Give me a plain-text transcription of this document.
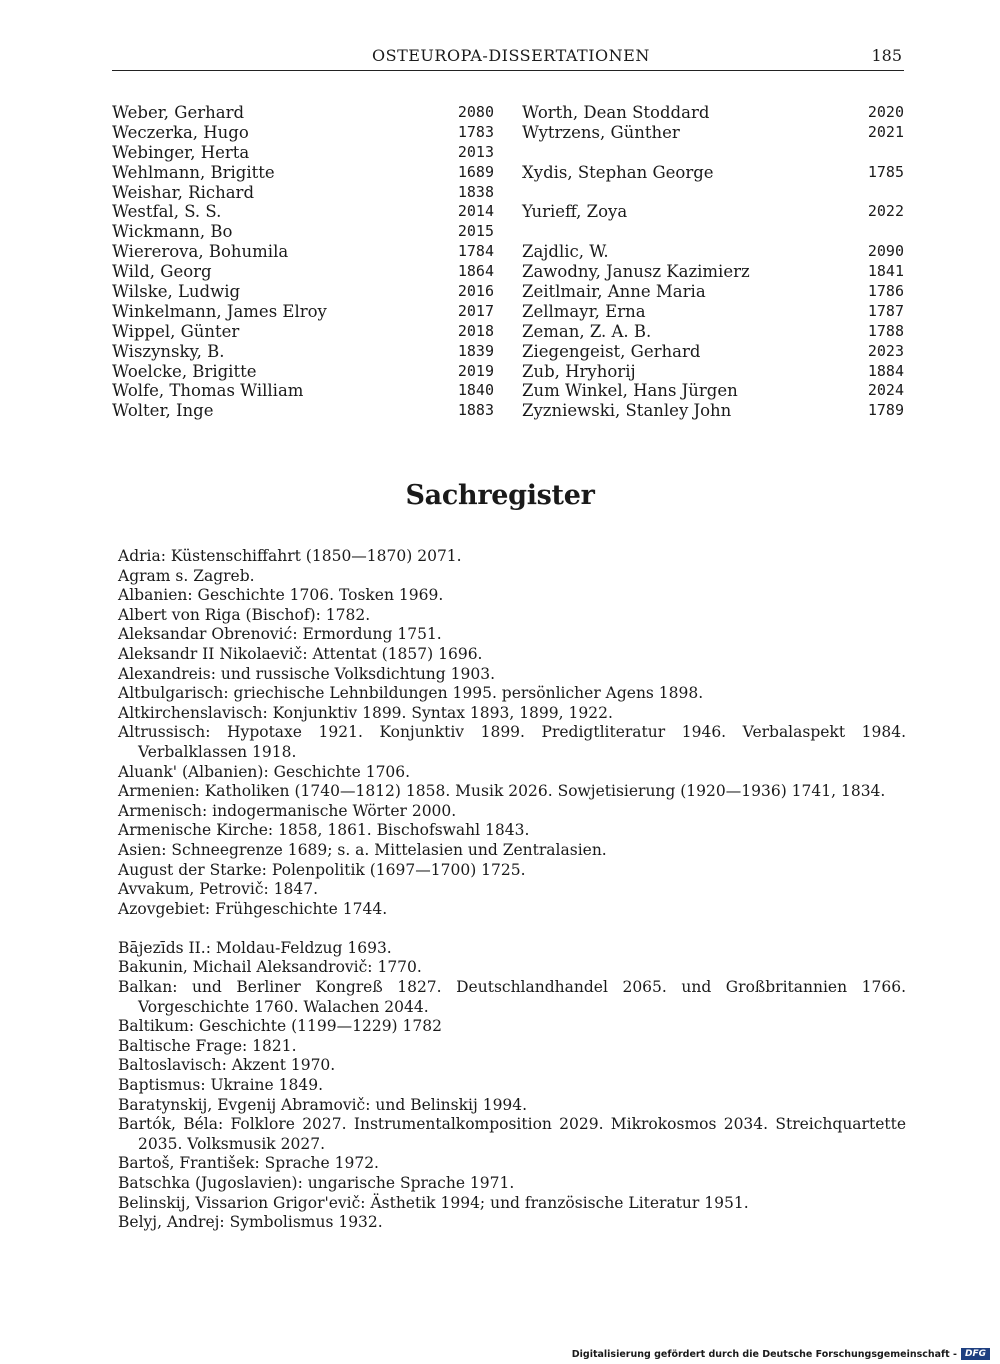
OSTEUROPA-DISSERTATIONEN	185
Weber, Gerhard	2080
Weczerka, Hugo	1783
Webinger, Herta	2013
Wehlmann, Brigitte	1689
Weishar, Richard	1838
Westfal, S. S.	2014
Wickmann, Bo	2015
Wiererova, Bohumila	1784
Wild, Georg	1864
Wilske, Ludwig	2016
Winkelmann, James Elroy	2017
Wippel, Günter	2018
Wiszynsky, B.	1839
Woelcke, Brigitte	2019
Wolfe, Thomas William	1840
Wolter, Inge	1883
Worth, Dean Stoddard	2020
Wytrzens, Günther	2021
Xydis, Stephan George	1785
Yurieff, Zoya	2022
Zajdlic, W.	2090
Zawodny, Janusz Kazimierz	1841
Zeitlmair, Anne Maria	1786
Zellmayr, Erna	1787
Zeman, Z. A. B.	1788
Ziegengeist, Gerhard	2023
Zub, Hryhorij	1884
Zum Winkel, Hans Jürgen	2024
Zyzniewski, Stanley John	1789
Sachregister
Adria: Küstenschiffahrt (1850—1870) 2071.
Agram s. Zagreb.
Albanien: Geschichte 1706. Tosken 1969.
Albert von Riga (Bischof): 1782.
Aleksandar Obrenović: Ermordung 1751.
Aleksandr II Nikolaevič: Attentat (1857) 1696.
Alexandreis: und russische Volksdichtung 1903.
Altbulgarisch: griechische Lehnbildungen 1995. persönlicher Agens 1898.
Altkirchenslavisch: Konjunktiv 1899. Syntax 1893, 1899, 1922.
Altrussisch: Hypotaxe 1921. Konjunktiv 1899. Predigtliteratur 1946. Verbalaspekt 1984. Verbalklassen 1918.
Aluank' (Albanien): Geschichte 1706.
Armenien: Katholiken (1740—1812) 1858. Musik 2026. Sowjetisierung (1920—1936) 1741, 1834.
Armenisch: indogermanische Wörter 2000.
Armenische Kirche: 1858, 1861. Bischofswahl 1843.
Asien: Schneegrenze 1689; s. a. Mittelasien und Zentralasien.
August der Starke: Polenpolitik (1697—1700) 1725.
Avvakum, Petrovič: 1847.
Azovgebiet: Frühgeschichte 1744.
Bājezīds II.: Moldau-Feldzug 1693.
Bakunin, Michail Aleksandrovič: 1770.
Balkan: und Berliner Kongreß 1827. Deutschlandhandel 2065. und Großbritannien 1766. Vorgeschichte 1760. Walachen 2044.
Baltikum: Geschichte (1199—1229) 1782
Baltische Frage: 1821.
Baltoslavisch: Akzent 1970.
Baptismus: Ukraine 1849.
Baratynskij, Evgenij Abramovič: und Belinskij 1994.
Bartók, Béla: Folklore 2027. Instrumentalkomposition 2029. Mikrokosmos 2034. Streichquartette 2035. Volksmusik 2027.
Bartoš, František: Sprache 1972.
Batschka (Jugoslavien): ungarische Sprache 1971.
Belinskij, Vissarion Grigor'evič: Ästhetik 1994; und französische Literatur 1951.
Belyj, Andrej: Symbolismus 1932.
Digitalisierung gefördert durch die Deutsche Forschungsgemeinschaft - DFG
